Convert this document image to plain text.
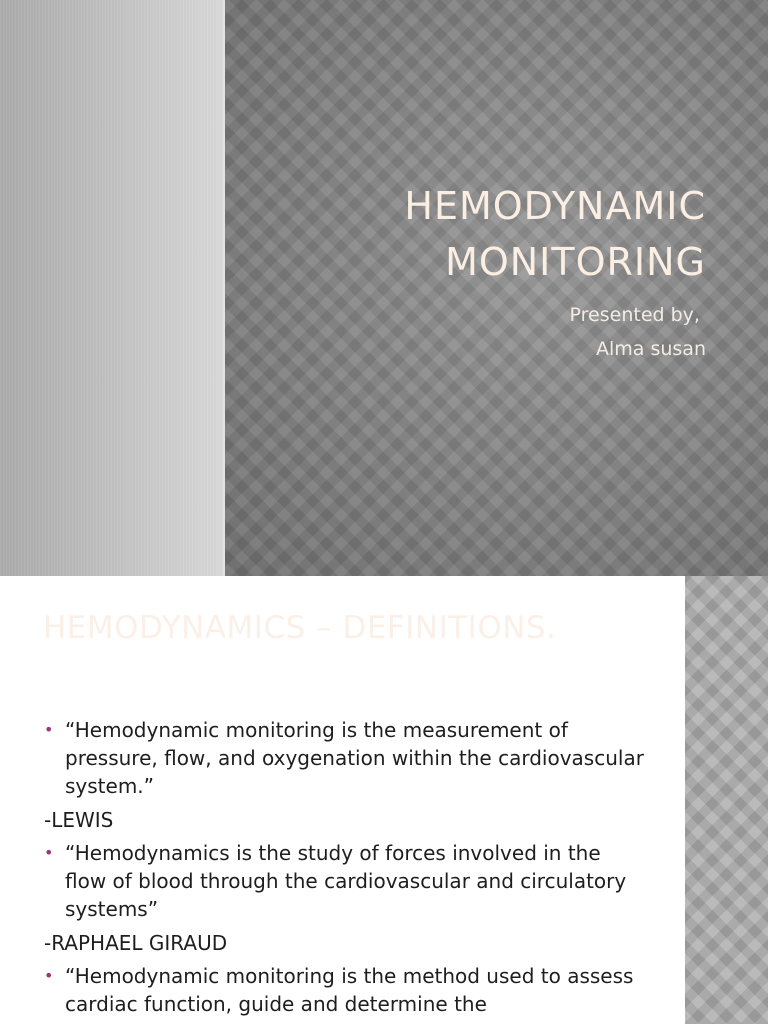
HEMODYNAMIC
MONITORING
Presented by,
Alma susan
HEMODYNAMICS – DEFINITIONS.
• “Hemodynamic monitoring is the measurement of pressure, flow, and oxygenation within the cardiovascular system.”
-LEWIS
• “Hemodynamics is the study of forces involved in the flow of blood through the cardiovascular and circulatory systems”
-RAPHAEL GIRAUD
• “Hemodynamic monitoring is the method used to assess cardiac function, guide and determine the
